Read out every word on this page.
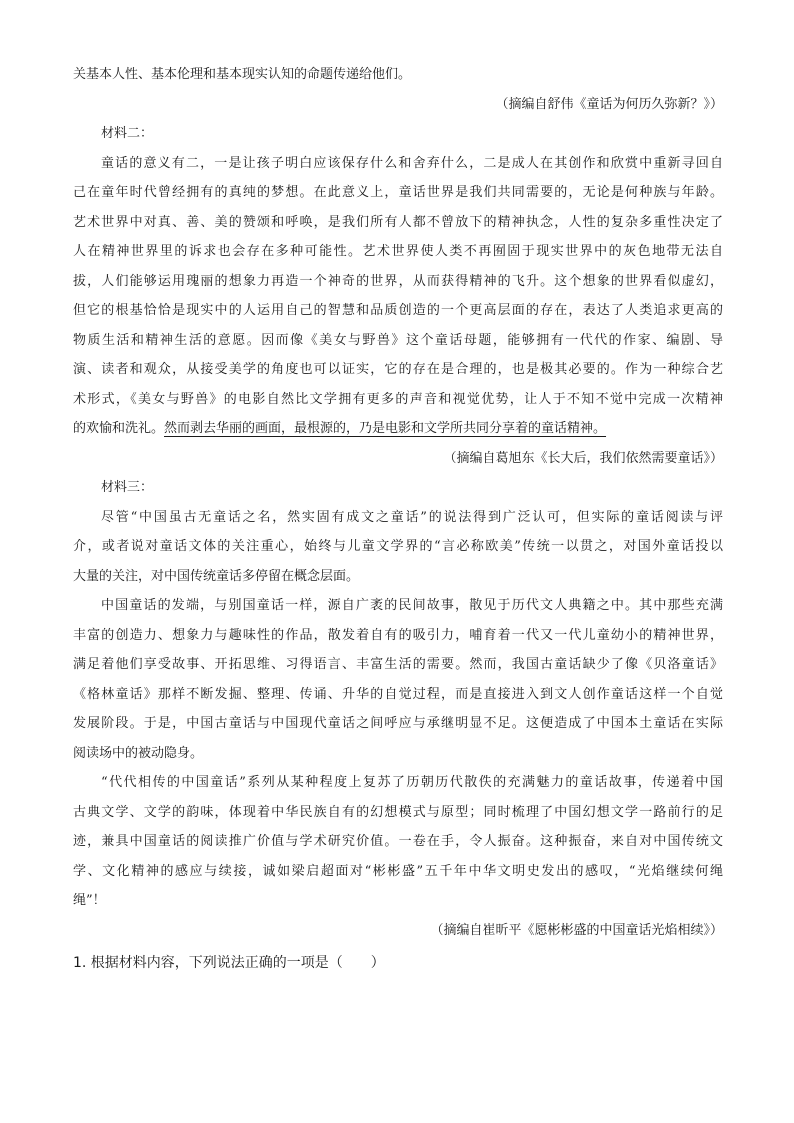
关基本人性、基本伦理和基本现实认知的命题传递给他们。
（摘编自舒伟《童话为何历久弥新？》）
材料二：
童话的意义有二，一是让孩子明白应该保存什么和舍弃什么，二是成人在其创作和欣赏中重新寻回自
己在童年时代曾经拥有的真纯的梦想。在此意义上，童话世界是我们共同需要的，无论是何种族与年龄。
艺术世界中对真、善、美的赞颂和呼唤，是我们所有人都不曾放下的精神执念，人性的复杂多重性决定了
人在精神世界里的诉求也会存在多种可能性。艺术世界使人类不再囿固于现实世界中的灰色地带无法自
拔，人们能够运用瑰丽的想象力再造一个神奇的世界，从而获得精神的飞升。这个想象的世界看似虚幻，
但它的根基恰恰是现实中的人运用自己的智慧和品质创造的一个更高层面的存在，表达了人类追求更高的
物质生活和精神生活的意愿。因而像《美女与野兽》这个童话母题，能够拥有一代代的作家、编剧、导
演、读者和观众，从接受美学的角度也可以证实，它的存在是合理的，也是极其必要的。作为一种综合艺
术形式，《美女与野兽》的电影自然比文学拥有更多的声音和视觉优势，让人于不知不觉中完成一次精神
的欢愉和洗礼。然而剥去华丽的画面，最根源的，乃是电影和文学所共同分享着的童话精神。
（摘编自葛旭东《长大后，我们依然需要童话》）
材料三：
尽管“中国虽古无童话之名，然实固有成文之童话”的说法得到广泛认可，但实际的童话阅读与评
介，或者说对童话文体的关注重心，始终与儿童文学界的“言必称欧美”传统一以贯之，对国外童话投以
大量的关注，对中国传统童话多停留在概念层面。
中国童话的发端，与别国童话一样，源自广袤的民间故事，散见于历代文人典籍之中。其中那些充满
丰富的创造力、想象力与趣味性的作品，散发着自有的吸引力，哺育着一代又一代儿童幼小的精神世界，
满足着他们享受故事、开拓思维、习得语言、丰富生活的需要。然而，我国古童话缺少了像《贝洛童话》
《格林童话》那样不断发掘、整理、传诵、升华的自觉过程，而是直接进入到文人创作童话这样一个自觉
发展阶段。于是，中国古童话与中国现代童话之间呼应与承继明显不足。这便造成了中国本土童话在实际
阅读场中的被动隐身。
“代代相传的中国童话”系列从某种程度上复苏了历朝历代散佚的充满魅力的童话故事，传递着中国
古典文学、文学的韵味，体现着中华民族自有的幻想模式与原型；同时梳理了中国幻想文学一路前行的足
迹，兼具中国童话的阅读推广价值与学术研究价值。一卷在手，令人振奋。这种振奋，来自对中国传统文
学、文化精神的感应与续接，诚如梁启超面对“彬彬盛”五千年中华文明史发出的感叹，“光焰继续何绳
绳”！
（摘编自崔昕平《愿彬彬盛的中国童话光焰相续》）
1. 根据材料内容，下列说法正确的一项是（　　）
